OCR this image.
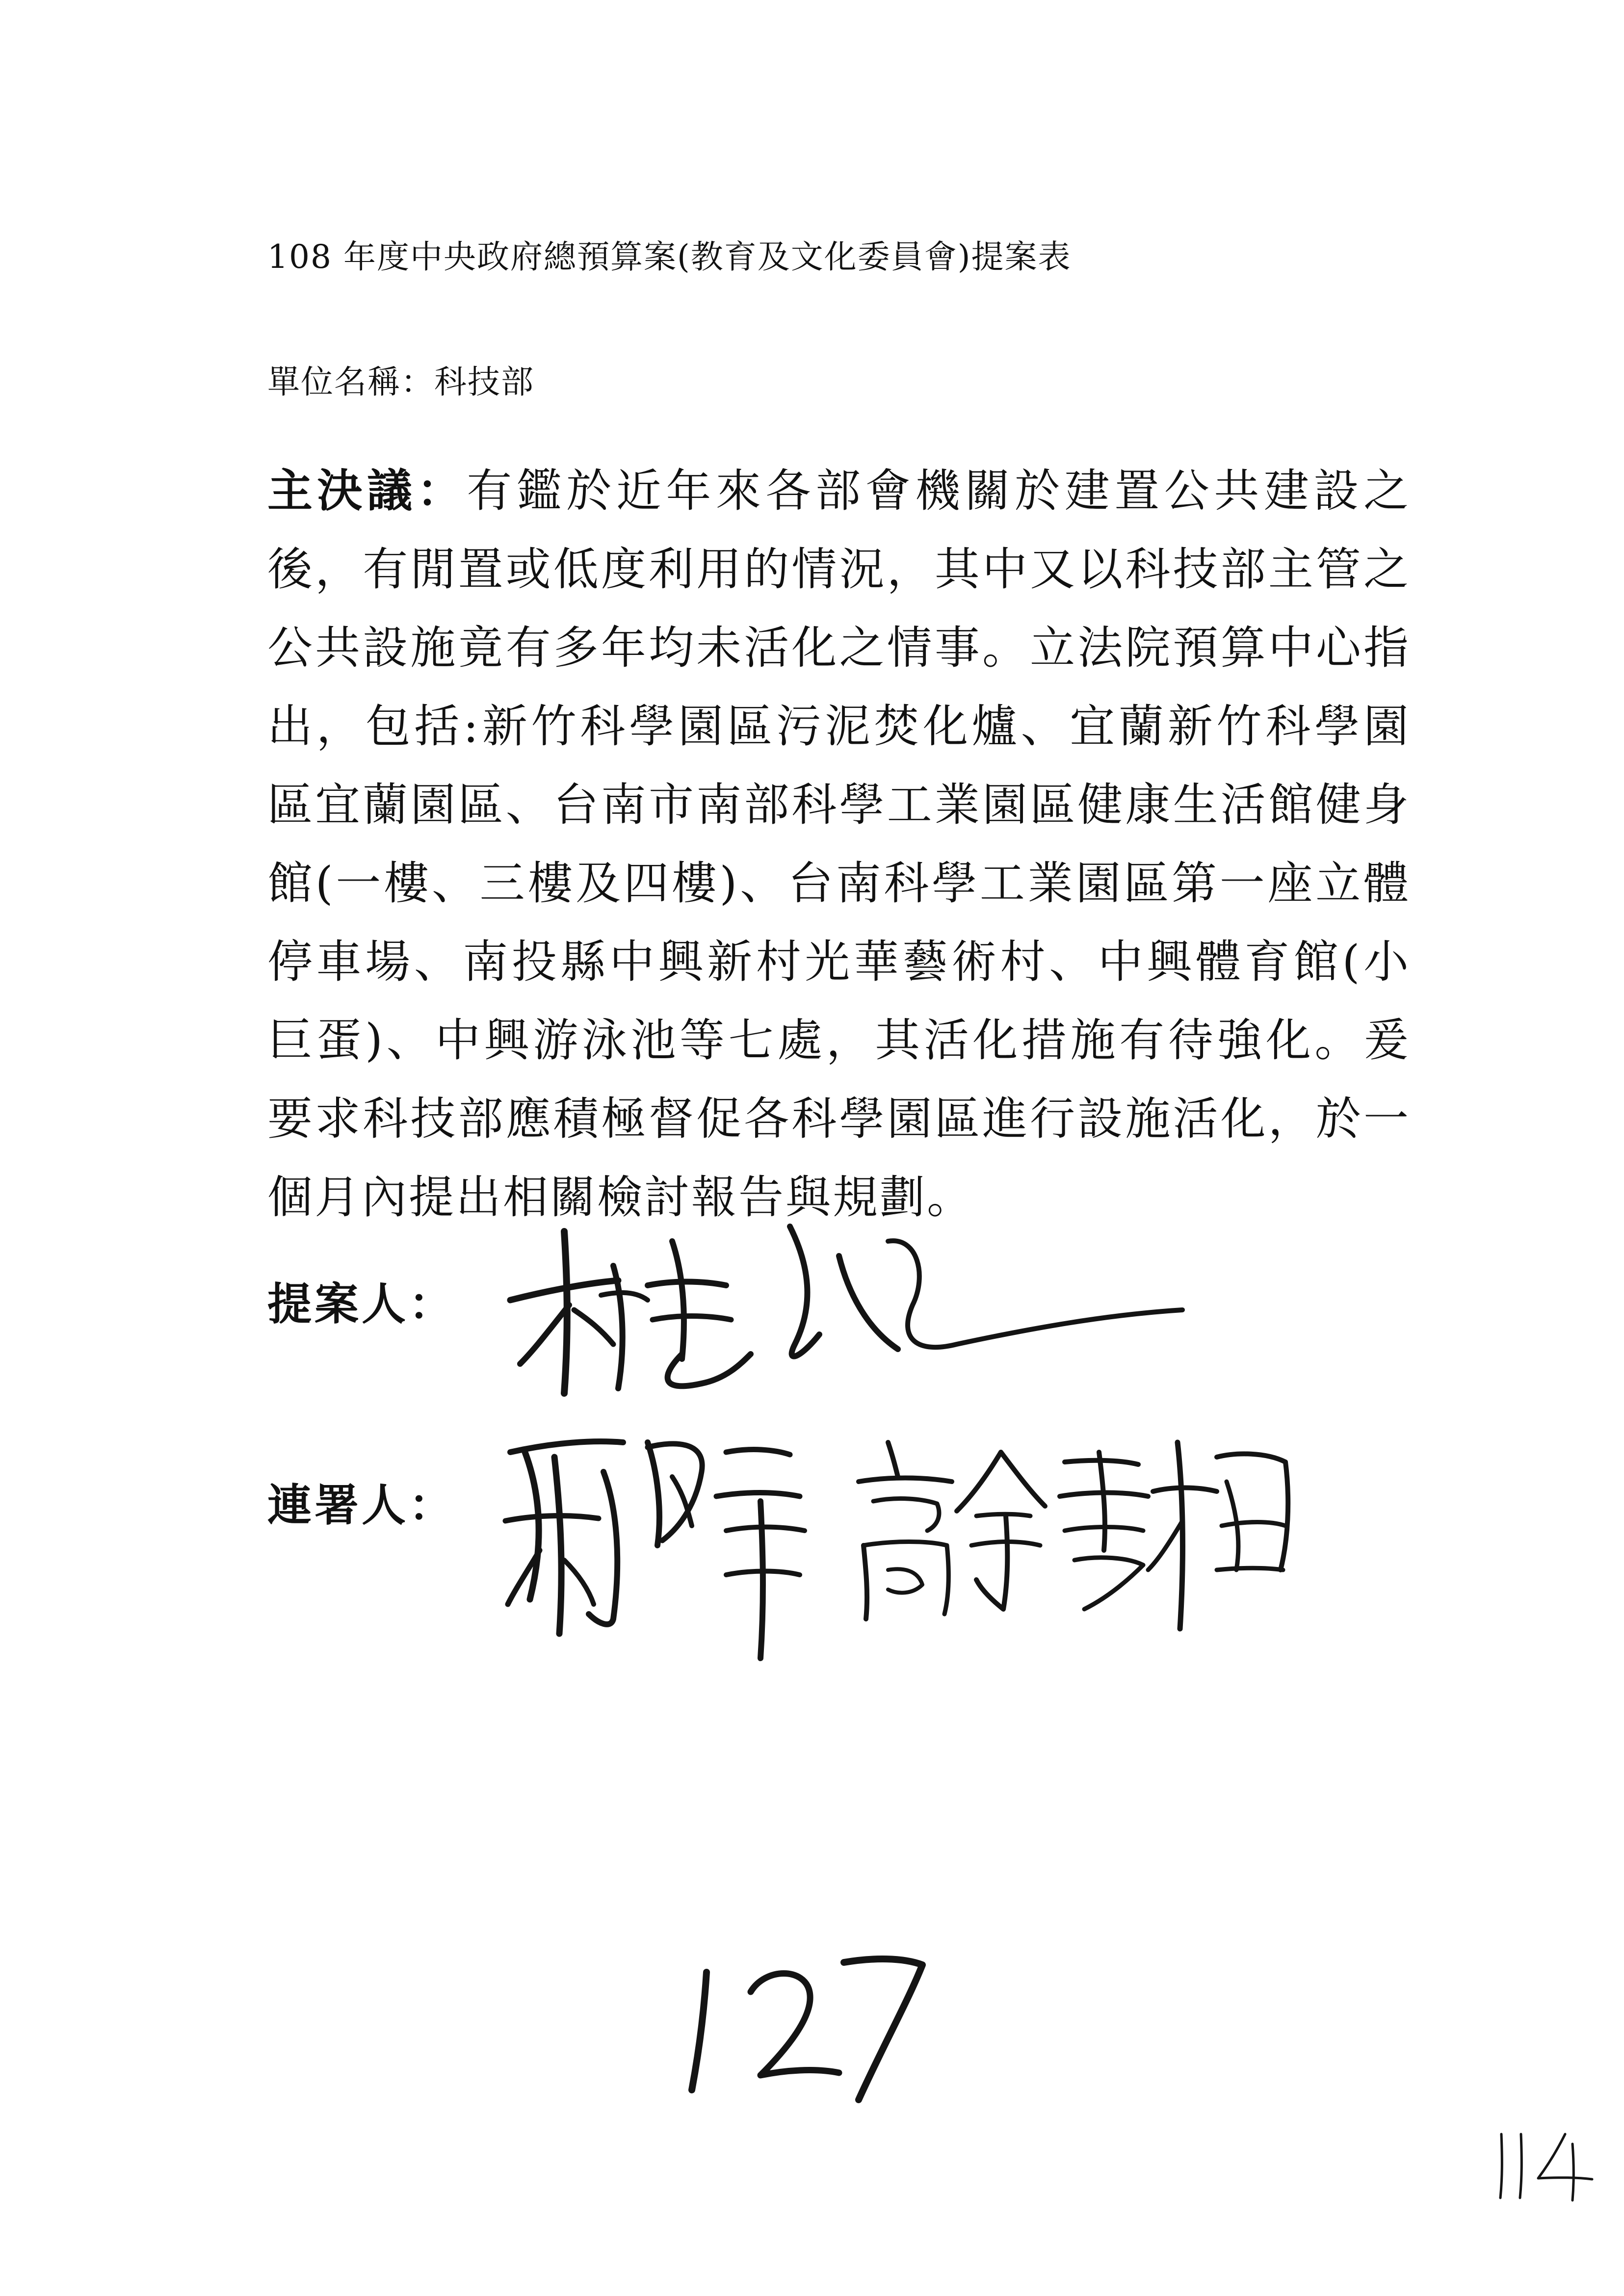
108 年度中央政府總預算案(教育及文化委員會)提案表
單位名稱：科技部
主決議：有鑑於近年來各部會機關於建置公共建設之後，有閒置或低度利用的情況，其中又以科技部主管之公共設施竟有多年均未活化之情事。立法院預算中心指出，包括:新竹科學園區污泥焚化爐、宜蘭新竹科學園區宜蘭園區、台南市南部科學工業園區健康生活館健身館(一樓、三樓及四樓)、台南科學工業園區第一座立體停車場、南投縣中興新村光華藝術村、中興體育館(小巨蛋)、中興游泳池等七處，其活化措施有待強化。爰要求科技部應積極督促各科學園區進行設施活化，於一個月內提出相關檢討報告與規劃。
提案人：
連署人：
